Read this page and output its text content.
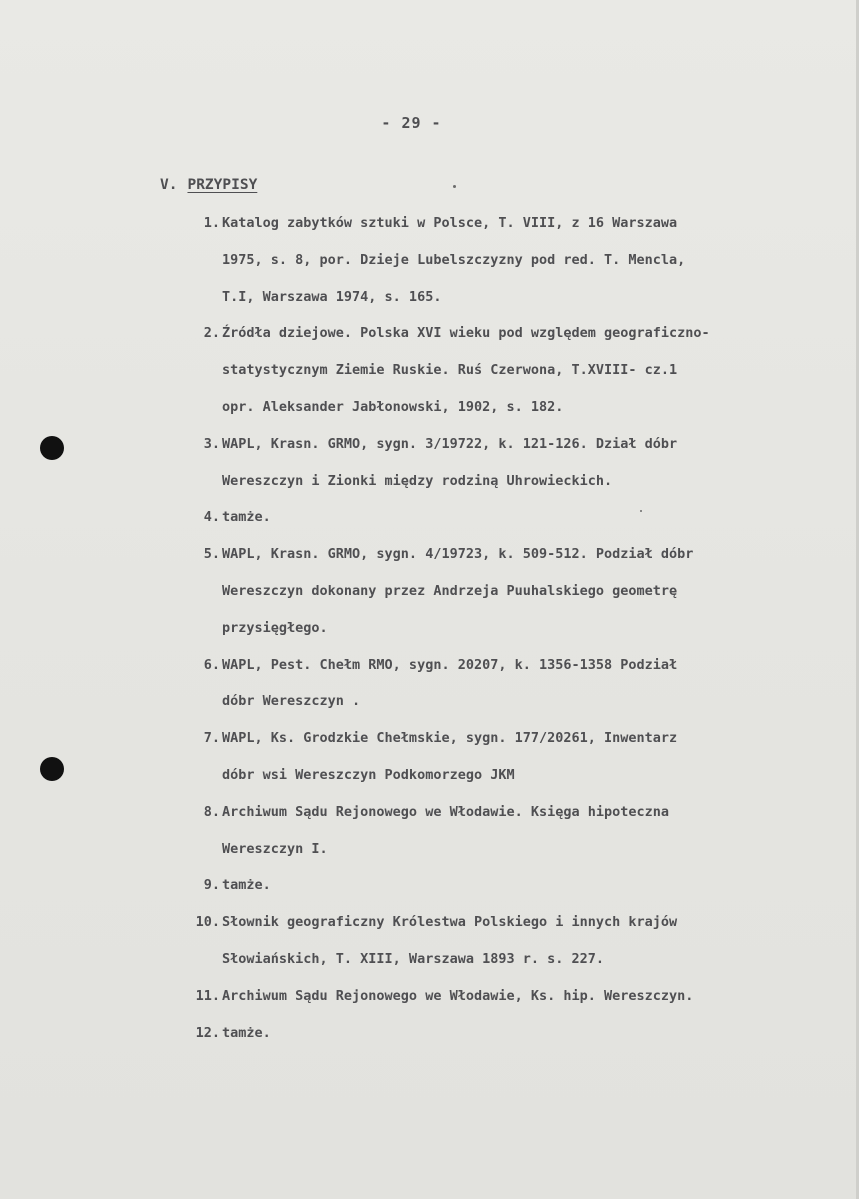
- 29 -
V. PRZYPISY
1. Katalog zabytków sztuki w Polsce, T. VIII, z 16 Warszawa
1975, s. 8, por. Dzieje Lubelszczyzny pod red. T. Mencla,
T.I, Warszawa 1974, s. 165.
2. Źródła dziejowe. Polska XVI wieku pod względem geograficzno-
statystycznym Ziemie Ruskie. Ruś Czerwona, T.XVIII- cz.1
opr. Aleksander Jabłonowski, 1902, s. 182.
3. WAPL, Krasn. GRMO, sygn. 3/19722, k. 121-126. Dział dóbr
Wereszczyn i Zionki między rodziną Uhrowieckich.
4. tamże.
5. WAPL, Krasn. GRMO, sygn. 4/19723, k. 509-512. Podział dóbr
Wereszczyn dokonany przez Andrzeja Puuhalskiego geometrę
przysięgłego.
6. WAPL, Pest. Chełm RMO, sygn. 20207, k. 1356-1358 Podział
dóbr Wereszczyn .
7. WAPL, Ks. Grodzkie Chełmskie, sygn. 177/20261, Inwentarz
dóbr wsi Wereszczyn Podkomorzego JKM
8. Archiwum Sądu Rejonowego we Włodawie. Księga hipoteczna
Wereszczyn I.
9. tamże.
10. Słownik geograficzny Królestwa Polskiego i innych krajów
Słowiańskich, T. XIII, Warszawa 1893 r. s. 227.
11. Archiwum Sądu Rejonowego we Włodawie, Ks. hip. Wereszczyn.
12. tamże.
